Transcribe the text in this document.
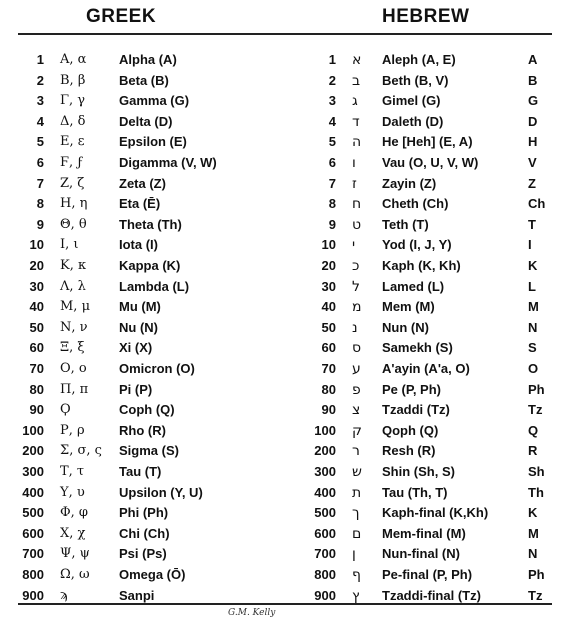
GREEK	HEBREW
1 Α, α	Alpha (A)	1 א Aleph (A, E)	A
2 Β, β	Beta (B)	2 ב Beth (B, V)	B
3 Γ, γ	Gamma (G)	3 ג Gimel (G)	G
4 Δ, δ	Delta (D)	4 ד Daleth (D)	D
5 Ε, ε	Epsilon (E)	5 ה He [Heh] (E, A)	H
6 Ϝ, ϝ	Digamma (V, W)	6 ו Vau (O, U, V, W)	V
7 Ζ, ζ	Zeta (Z)	7 ז Zayin (Z)	Z
8 Η, η Eta (Ē)	8 ח Cheth (Ch)	Ch
9 Θ, θ Theta (Th)	9 ט Teth (T)	T
10 Ι, ι	Iota (I)	10 י Yod (I, J, Y)	I
20 Κ, κ	Kappa (K)	20 כ Kaph (K, Kh)	K
30 Λ, λ	Lambda (L)	30 ל Lamed (L)	L
40 Μ, μ Mu (M)	40 מ Mem (M)	M
50 Ν, ν Nu (N)	50 נ Nun (N)	N
60 Ξ, ξ	Xi (X)	60 ס Samekh (S)	S
70 Ο, ο Omicron (O)	70 ע A'ayin (A'a, O)	O
80 Π, π Pi (P)	80 פ Pe (P, Ph)	Ph
90 Ϙ	Coph (Q)	90 צ Tzaddi (Tz)	Tz
100 Ρ, ρ	Rho (R)	100 ק Qoph (Q)	Q
200 Σ, σ, ς Sigma (S)	200 ר Resh (R)	R
300 Τ, τ	Tau (T)	300 ש Shin (Sh, S)	Sh
400 Υ, υ	Upsilon (Y, U)	400 ת Tau (Th, T)	Th
500 Φ, φ Phi (Ph)	500 ך Kaph-final (K,Kh)	K
600 Χ, χ	Chi (Ch)	600 ם Mem-final (M)	M
700 Ψ, ψ Psi (Ps)	700 ן Nun-final (N)	N
800 Ω, ω Omega (Ō)	800 ף Pe-final (P, Ph)	Ph
900 ϡ	Sanpi	900 ץ Tzaddi-final (Tz)	Tz
G.M. Kelly
